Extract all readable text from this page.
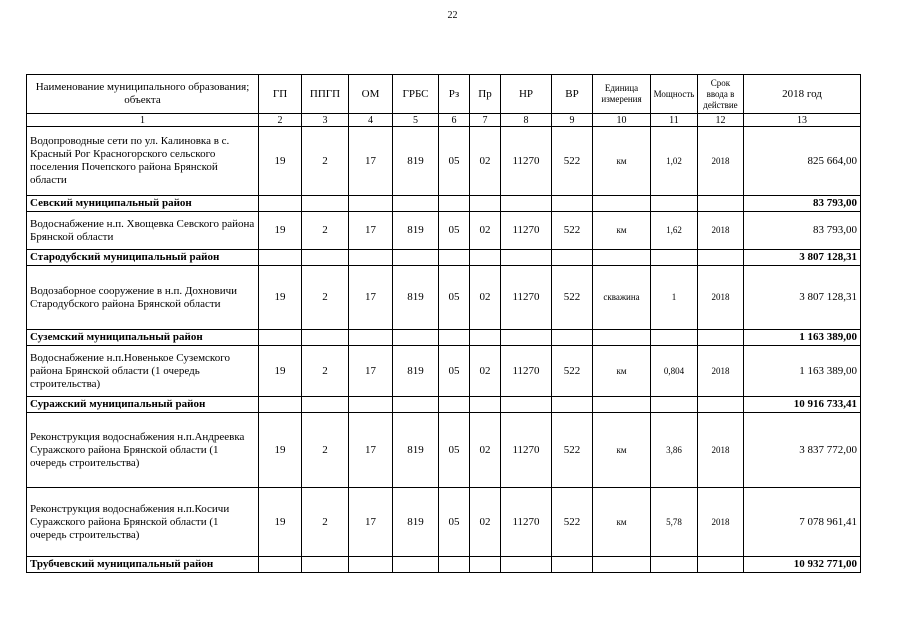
22
Наименование муниципального образования; объекта	ГП	ППГП	ОМ	ГРБС	Рз	Пр	НР	ВР	Единица измерения	Мощность	Срок ввода в действие	2018 год
1	2	3	4	5	6	7	8	9	10	11	12	13
Водопроводные сети по ул. Калиновка в с. Красный Рог Красногорского сельского поселения Почепского района Брянской области	19	2	17	819	05	02	11270	522	км	1,02	2018	825 664,00
Севский муниципальный район												83 793,00
Водоснабжение н.п. Хвощевка Севского района Брянской области	19	2	17	819	05	02	11270	522	км	1,62	2018	83 793,00
Стародубский муниципальный район												3 807 128,31
Водозаборное сооружение в н.п. Дохновичи Стародубского района Брянской области	19	2	17	819	05	02	11270	522	скважина	1	2018	3 807 128,31
Суземский муниципальный район												1 163 389,00
Водоснабжение н.п.Новенькое Суземского района Брянской области (1 очередь строительства)	19	2	17	819	05	02	11270	522	км	0,804	2018	1 163 389,00
Суражский муниципальный район												10 916 733,41
Реконструкция водоснабжения н.п.Андреевка Суражского района Брянской области (1 очередь строительства)	19	2	17	819	05	02	11270	522	км	3,86	2018	3 837 772,00
Реконструкция водоснабжения н.п.Косичи Суражского района Брянской области (1 очередь строительства)	19	2	17	819	05	02	11270	522	км	5,78	2018	7 078 961,41
Трубчевский муниципальный район												10 932 771,00
